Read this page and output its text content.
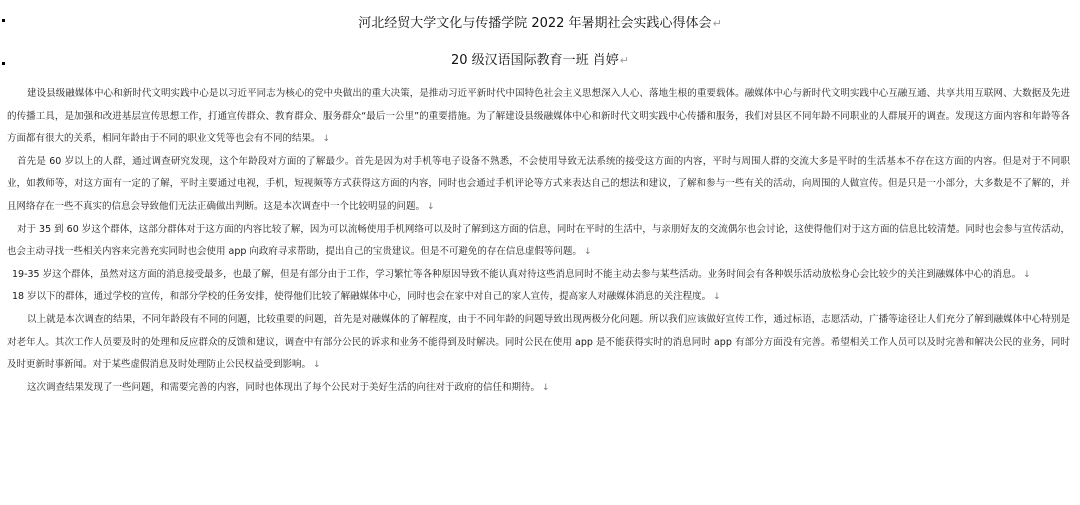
河北经贸大学文化与传播学院 2022 年暑期社会实践心得体会↵
20 级汉语国际教育一班 肖婷↵

建设县级融媒体中心和新时代文明实践中心是以习近平同志为核心的党中央做出的重大决策，是推动习近平新时代中国特色社会主义思想深入人心、落地生根的重要载体。融媒体中心与新时代文明实践中心互融互通、共享共用互联网、大数据及先进的传播工具，是加强和改进基层宣传思想工作，打通宣传群众、教育群众、服务群众“最后一公里”的重要措施。为了解建设县级融媒体中心和新时代文明实践中心传播和服务，我们对县区不同年龄不同职业的人群展开的调查。发现这方面内容和年龄等各方面都有很大的关系，相同年龄由于不同的职业文凭等也会有不同的结果。 ↓

首先是 60 岁以上的人群，通过调查研究发现，这个年龄段对方面的了解最少。首先是因为对手机等电子设备不熟悉，不会使用导致无法系统的接受这方面的内容，平时与周围人群的交流大多是平时的生活基本不存在这方面的内容。但是对于不同职业，如教师等，对这方面有一定的了解，平时主要通过电视，手机，短视频等方式获得这方面的内容，同时也会通过手机评论等方式来表达自己的想法和建议，了解和参与一些有关的活动，向周围的人做宣传。但是只是一小部分，大多数是不了解的，并且网络存在一些不真实的信息会导致他们无法正确做出判断。这是本次调查中一个比较明显的问题。 ↓

对于 35 到 60 岁这个群体，这部分群体对于这方面的内容比较了解，因为可以流畅使用手机网络可以及时了解到这方面的信息，同时在平时的生活中，与亲朋好友的交流偶尔也会讨论，这使得他们对于这方面的信息比较清楚。同时也会参与宣传活动，也会主动寻找一些相关内容来完善充实同时也会使用 app 向政府寻求帮助，提出自己的宝贵建议。但是不可避免的存在信息虚假等问题。 ↓

19-35 岁这个群体，虽然对这方面的消息接受最多，也最了解，但是有部分由于工作，学习繁忙等各种原因导致不能认真对待这些消息同时不能主动去参与某些活动。业务时间会有各种娱乐活动放松身心会比较少的关注到融媒体中心的消息。 ↓

18 岁以下的群体，通过学校的宣传，和部分学校的任务安排，使得他们比较了解融媒体中心，同时也会在家中对自己的家人宣传，提高家人对融媒体消息的关注程度。 ↓

以上就是本次调查的结果，不同年龄段有不同的问题，比较重要的问题，首先是对融媒体的了解程度，由于不同年龄的问题导致出现两极分化问题。所以我们应该做好宣传工作，通过标语，志愿活动，广播等途径让人们充分了解到融媒体中心特别是对老年人。其次工作人员要及时的处理和反应群众的反馈和建议，调查中有部分公民的诉求和业务不能得到及时解决。同时公民在使用 app 是不能获得实时的消息同时 app 有部分方面没有完善。希望相关工作人员可以及时完善和解决公民的业务，同时及时更新时事新闻。对于某些虚假消息及时处理防止公民权益受到影响。 ↓

这次调查结果发现了一些问题，和需要完善的内容，同时也体现出了每个公民对于美好生活的向往对于政府的信任和期待。 ↓
